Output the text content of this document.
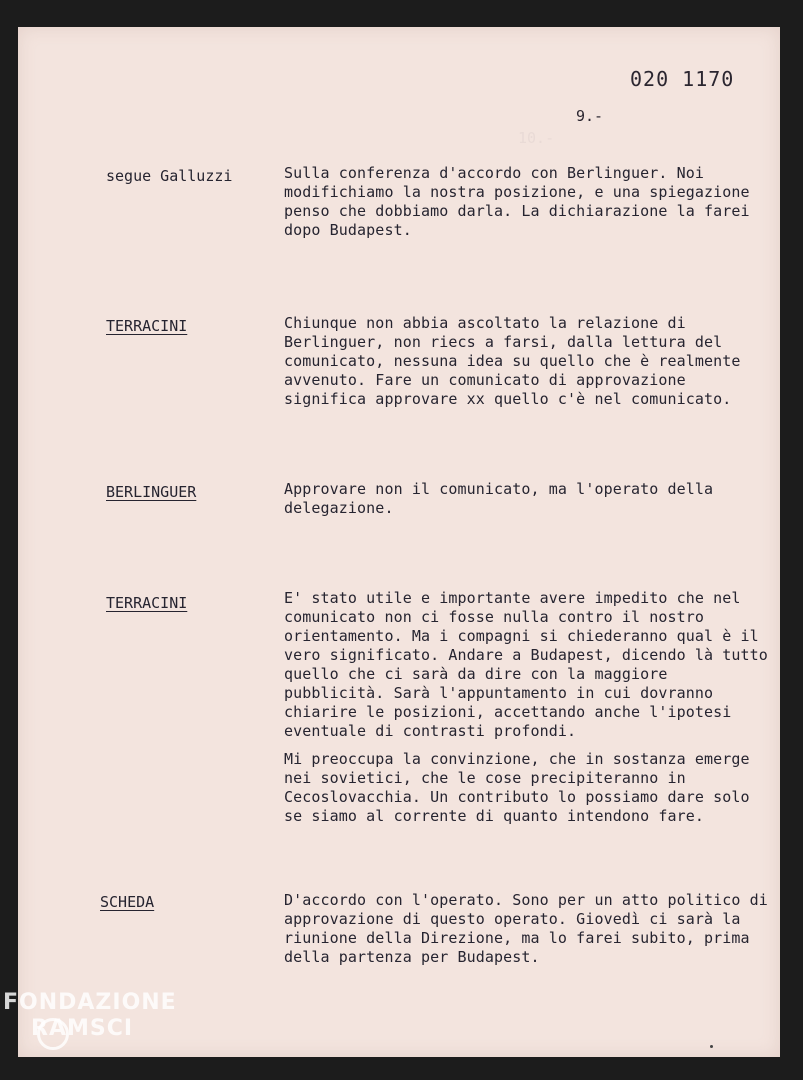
10.-
020 1170
9.-
segue Galluzzi	Sulla conferenza d'accordo con Berlinguer. Noi modifichiamo la nostra posizione, e una spiegazione penso che dobbiamo darla. La dichiarazione la farei dopo Budapest.

TERRACINI	Chiunque non abbia ascoltato la relazione di Berlinguer, non riecs a farsi, dalla lettura del comunicato, nessuna idea su quello che è realmente avvenuto. Fare un comunicato di approvazione significa approvare xx quello c'è nel comunicato.

BERLINGUER	Approvare non il comunicato, ma l'operato della delegazione.

TERRACINI	E' stato utile e importante avere impedito che nel comunicato non ci fosse nulla contro il nostro orientamento. Ma i compagni si chiederanno qual è il vero significato. Andare a Budapest, dicendo là tutto quello che ci sarà da dire con la maggiore pubblicità. Sarà l'appuntamento in cui dovranno chiarire le posizioni, accettando anche l'ipotesi eventuale di contrasti profondi.

Mi preoccupa la convinzione, che in sostanza emerge nei sovietici, che le cose precipiteranno in Cecoslovacchia. Un contributo lo possiamo dare solo se siamo al corrente di quanto intendono fare.

SCHEDA	D'accordo con l'operato. Sono per un atto politico di approvazione di questo operato. Giovedì ci sarà la riunione della Direzione, ma lo farei subito, prima della partenza per Budapest.

FONDAZIONE
RAMSCI
